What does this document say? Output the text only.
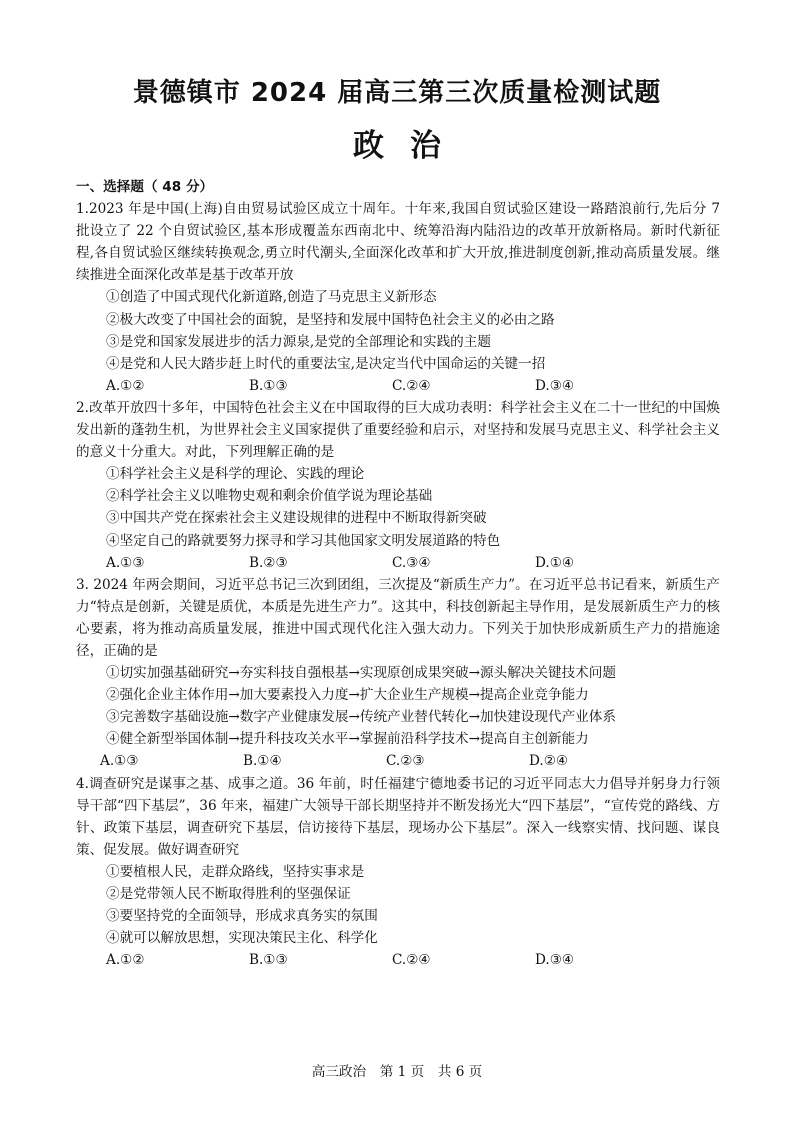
景德镇市 2024 届高三第三次质量检测试题
政治
一、选择题（ 48 分）
1.2023 年是中国(上海)自由贸易试验区成立十周年。十年来,我国自贸试验区建设一路踏浪前行,先后分 7 批设立了 22 个自贸试验区,基本形成覆盖东西南北中、统筹沿海内陆沿边的改革开放新格局。新时代新征程,各自贸试验区继续转换观念,勇立时代潮头,全面深化改革和扩大开放,推进制度创新,推动高质量发展。继续推进全面深化改革是基于改革开放
①创造了中国式现代化新道路,创造了马克思主义新形态
②极大改变了中国社会的面貌，是坚持和发展中国特色社会主义的必由之路
③是党和国家发展进步的活力源泉,是党的全部理论和实践的主题
④是党和人民大踏步赶上时代的重要法宝,是决定当代中国命运的关键一招
A.①②	B.①③	C.②④	D.③④
2.改革开放四十多年，中国特色社会主义在中国取得的巨大成功表明：科学社会主义在二十一世纪的中国焕发出新的蓬勃生机，为世界社会主义国家提供了重要经验和启示，对坚持和发展马克思主义、科学社会主义的意义十分重大。对此，下列理解正确的是
①科学社会主义是科学的理论、实践的理论
②科学社会主义以唯物史观和剩余价值学说为理论基础
③中国共产党在探索社会主义建设规律的进程中不断取得新突破
④坚定自己的路就要努力探寻和学习其他国家文明发展道路的特色
A.①③	B.②③	C.③④	D.①④
3. 2024 年两会期间，习近平总书记三次到团组，三次提及“新质生产力”。在习近平总书记看来，新质生产力“特点是创新，关键是质优，本质是先进生产力”。这其中，科技创新起主导作用，是发展新质生产力的核心要素，将为推动高质量发展，推进中国式现代化注入强大动力。下列关于加快形成新质生产力的措施途径，正确的是
①切实加强基础研究→夯实科技自强根基→实现原创成果突破→源头解决关键技术问题
②强化企业主体作用→加大要素投入力度→扩大企业生产规模→提高企业竞争能力
③完善数字基础设施→数字产业健康发展→传统产业替代转化→加快建设现代产业体系
④健全新型举国体制→提升科技攻关水平→掌握前沿科学技术→提高自主创新能力
A.①③	B.①④	C.②③	D.②④
4.调查研究是谋事之基、成事之道。36 年前，时任福建宁德地委书记的习近平同志大力倡导并躬身力行领导干部“四下基层”，36 年来，福建广大领导干部长期坚持并不断发扬光大“四下基层”，“宣传党的路线、方针、政策下基层，调查研究下基层，信访接待下基层，现场办公下基层”。深入一线察实情、找问题、谋良策、促发展。做好调查研究
①要植根人民，走群众路线，坚持实事求是
②是党带领人民不断取得胜利的坚强保证
③要坚持党的全面领导，形成求真务实的氛围
④就可以解放思想，实现决策民主化、科学化
A.①②	B.①③	C.②④	D.③④
高三政治　第 1 页　共 6 页
